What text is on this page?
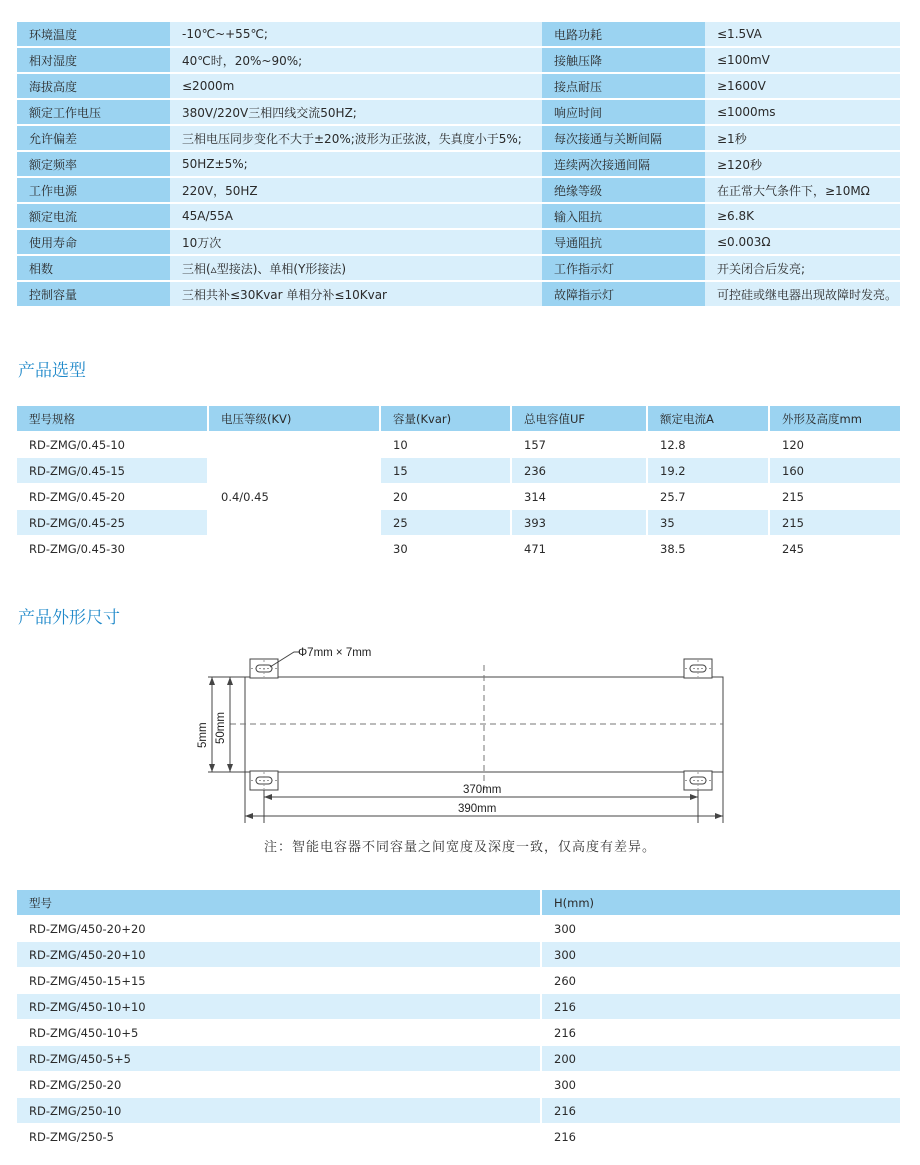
环境温度	-10℃~+55℃;	电路功耗	≤1.5VA
相对湿度	40℃时，20%~90%;	接触压降	≤100mV
海拔高度	≤2000m	接点耐压	≥1600V
额定工作电压	380V/220V三相四线交流50HZ;	响应时间	≤1000ms
允许偏差	三相电压同步变化不大于±20%;波形为正弦波，失真度小于5%;	每次接通与关断间隔	≥1秒
额定频率	50HZ±5%;	连续两次接通间隔	≥120秒
工作电源	220V，50HZ	绝缘等级	在正常大气条件下，≥10MΩ
额定电流	45A/55A	输入阻抗	≥6.8K
使用寿命	10万次	导通阻抗	≤0.003Ω
相数	三相(▵型接法)、单相(Y形接法)	工作指示灯	开关闭合后发亮;
控制容量	三相共补≤30Kvar 单相分补≤10Kvar	故障指示灯	可控硅或继电器出现故障时发亮。
产品选型
型号规格	电压等级(KV)	容量(Kvar)	总电容值UF	额定电流A	外形及高度mm
RD-ZMG/0.45-10	0.4/0.45	10	157	12.8	120
RD-ZMG/0.45-15		15	236	19.2	160
RD-ZMG/0.45-20		20	314	25.7	215
RD-ZMG/0.45-25		25	393	35	215
RD-ZMG/0.45-30		30	471	38.5	245
产品外形尺寸
Φ7mm × 7mm
5mm 50mm
370mm
390mm
注：智能电容器不同容量之间宽度及深度一致，仅高度有差异。
型号	H(mm)
RD-ZMG/450-20+20	300
RD-ZMG/450-20+10	300
RD-ZMG/450-15+15	260
RD-ZMG/450-10+10	216
RD-ZMG/450-10+5	216
RD-ZMG/450-5+5	200
RD-ZMG/250-20	300
RD-ZMG/250-10	216
RD-ZMG/250-5	216
